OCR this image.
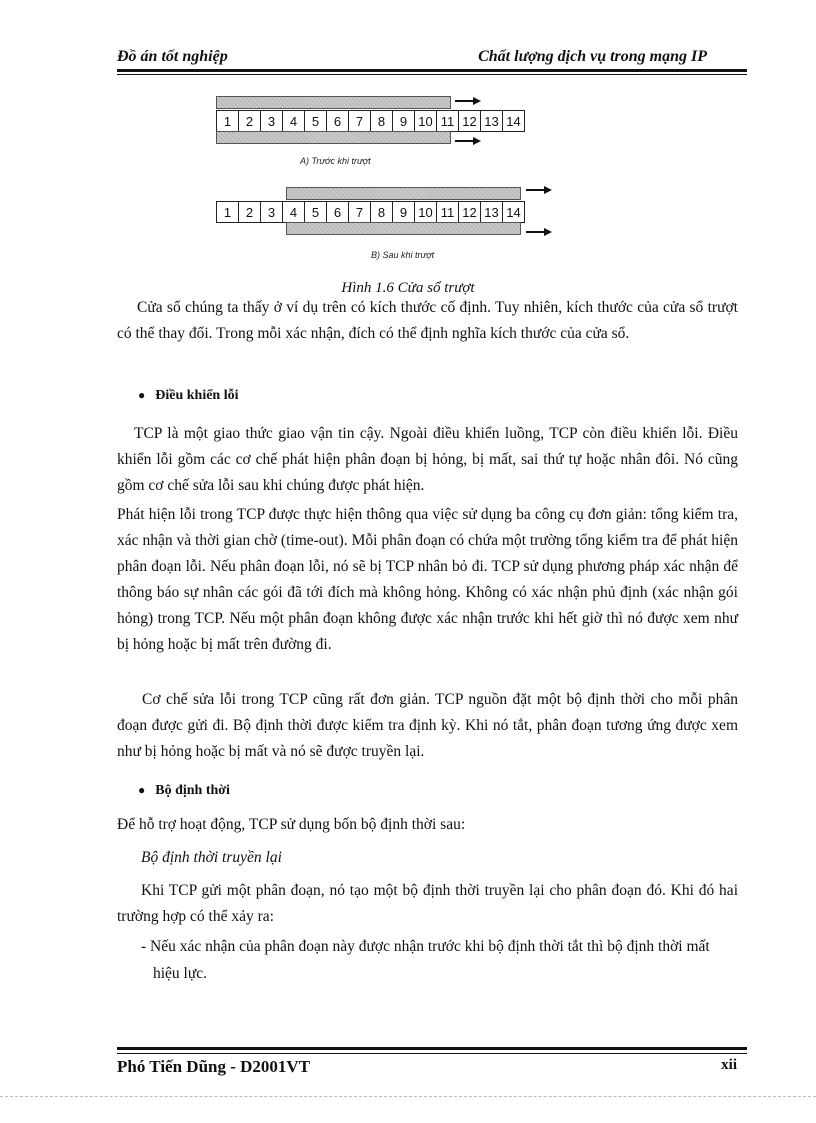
Đồ án tốt nghiệp	Chất lượng dịch vụ trong mạng IP
1	2	3	4	5	6	7	8	9 10 11 12 13 14
A) Trước khi trượt
1	2	3	4	5	6	7	8	9 10 11 12 13 14
B) Sau khi trượt
Hình 1.6 Cửa sổ trượt

Cửa sổ chúng ta thấy ở ví dụ trên có kích thước cố định. Tuy nhiên, kích thước của cửa sổ trượt có thể thay đổi. Trong mỗi xác nhận, đích có thể định nghĩa kích thước của cửa sổ.

● Điều khiển lỗi

TCP là một giao thức giao vận tin cậy. Ngoài điều khiển luồng, TCP còn điều khiển lỗi. Điều khiển lỗi gồm các cơ chế phát hiện phân đoạn bị hỏng, bị mất, sai thứ tự hoặc nhân đôi. Nó cũng gồm cơ chế sửa lỗi sau khi chúng được phát hiện.

Phát hiện lỗi trong TCP được thực hiện thông qua việc sử dụng ba công cụ đơn giản: tổng kiểm tra, xác nhận và thời gian chờ (time-out). Mỗi phân đoạn có chứa một trường tổng kiểm tra để phát hiện phân đoạn lỗi. Nếu phân đoạn lỗi, nó sẽ bị TCP nhân bỏ đi. TCP sử dụng phương pháp xác nhận để thông báo sự nhân các gói đã tới đích mà không hỏng. Không có xác nhận phủ định (xác nhận gói hỏng) trong TCP. Nếu một phân đoạn không được xác nhận trước khi hết giờ thì nó được xem như bị hỏng hoặc bị mất trên đường đi.

Cơ chế sửa lỗi trong TCP cũng rất đơn giản. TCP nguồn đặt một bộ định thời cho mỗi phân đoạn được gửi đi. Bộ định thời được kiểm tra định kỳ. Khi nó tắt, phân đoạn tương ứng được xem như bị hỏng hoặc bị mất và nó sẽ được truyền lại.

● Bộ định thời

Để hỗ trợ hoạt động, TCP sử dụng bốn bộ định thời sau:

Bộ định thời truyền lại

Khi TCP gửi một phân đoạn, nó tạo một bộ định thời truyền lại cho phân đoạn đó. Khi đó hai trường hợp có thể xảy ra:

- Nếu xác nhận của phân đoạn này được nhận trước khi bộ định thời tắt thì bộ định thời mất hiệu lực.

Phó Tiến Dũng - D2001VT	xii
